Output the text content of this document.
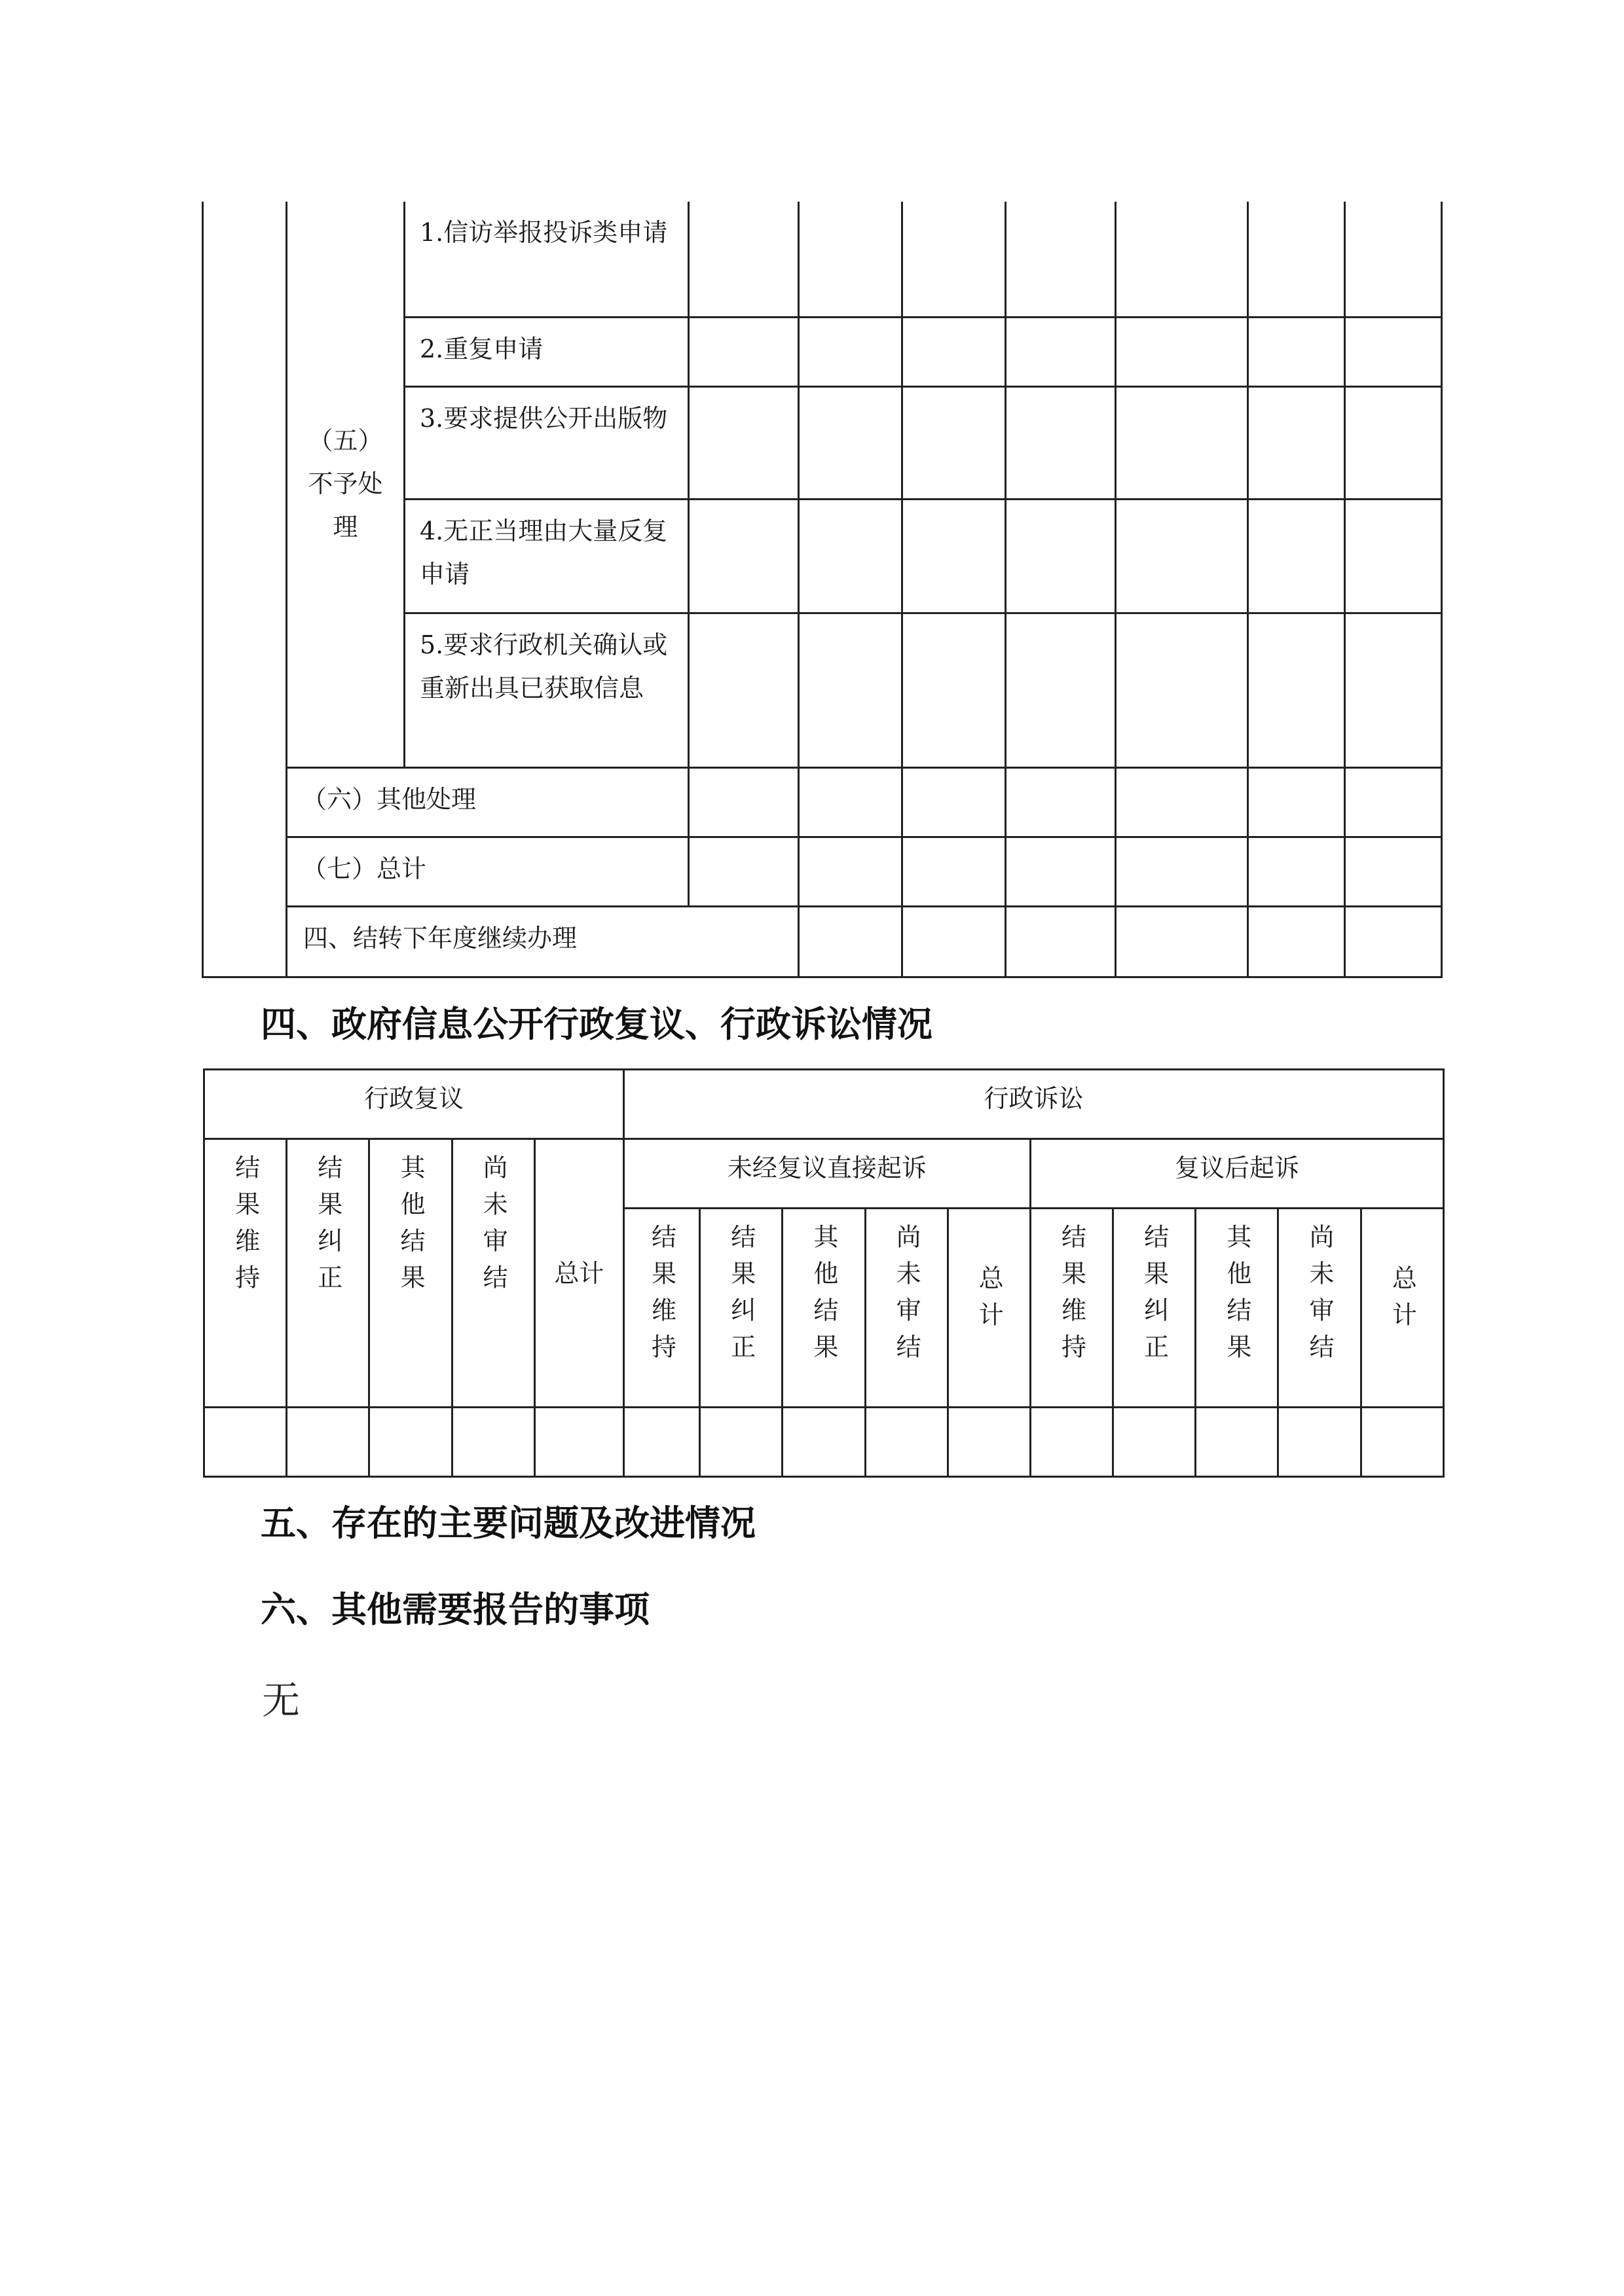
	（五）不予处理	1.信访举报投诉类申请								
		2.重复申请								
		3.要求提供公开出版物								
		4.无正当理由大量反复申请								
		5.要求行政机关确认或重新出具已获取信息								
	（六）其他处理									
	（七）总计									
	四、结转下年度继续办理									
四、政府信息公开行政复议、行政诉讼情况
行政复议					行政诉讼									
结果维持	结果纠正	其他结果	尚未审结	总计	未经复议直接起诉					复议后起诉				
					结果维持	结果纠正	其他结果	尚未审结	总计	结果维持	结果纠正	其他结果	尚未审结	总计

五、存在的主要问题及改进情况
六、其他需要报告的事项
无
